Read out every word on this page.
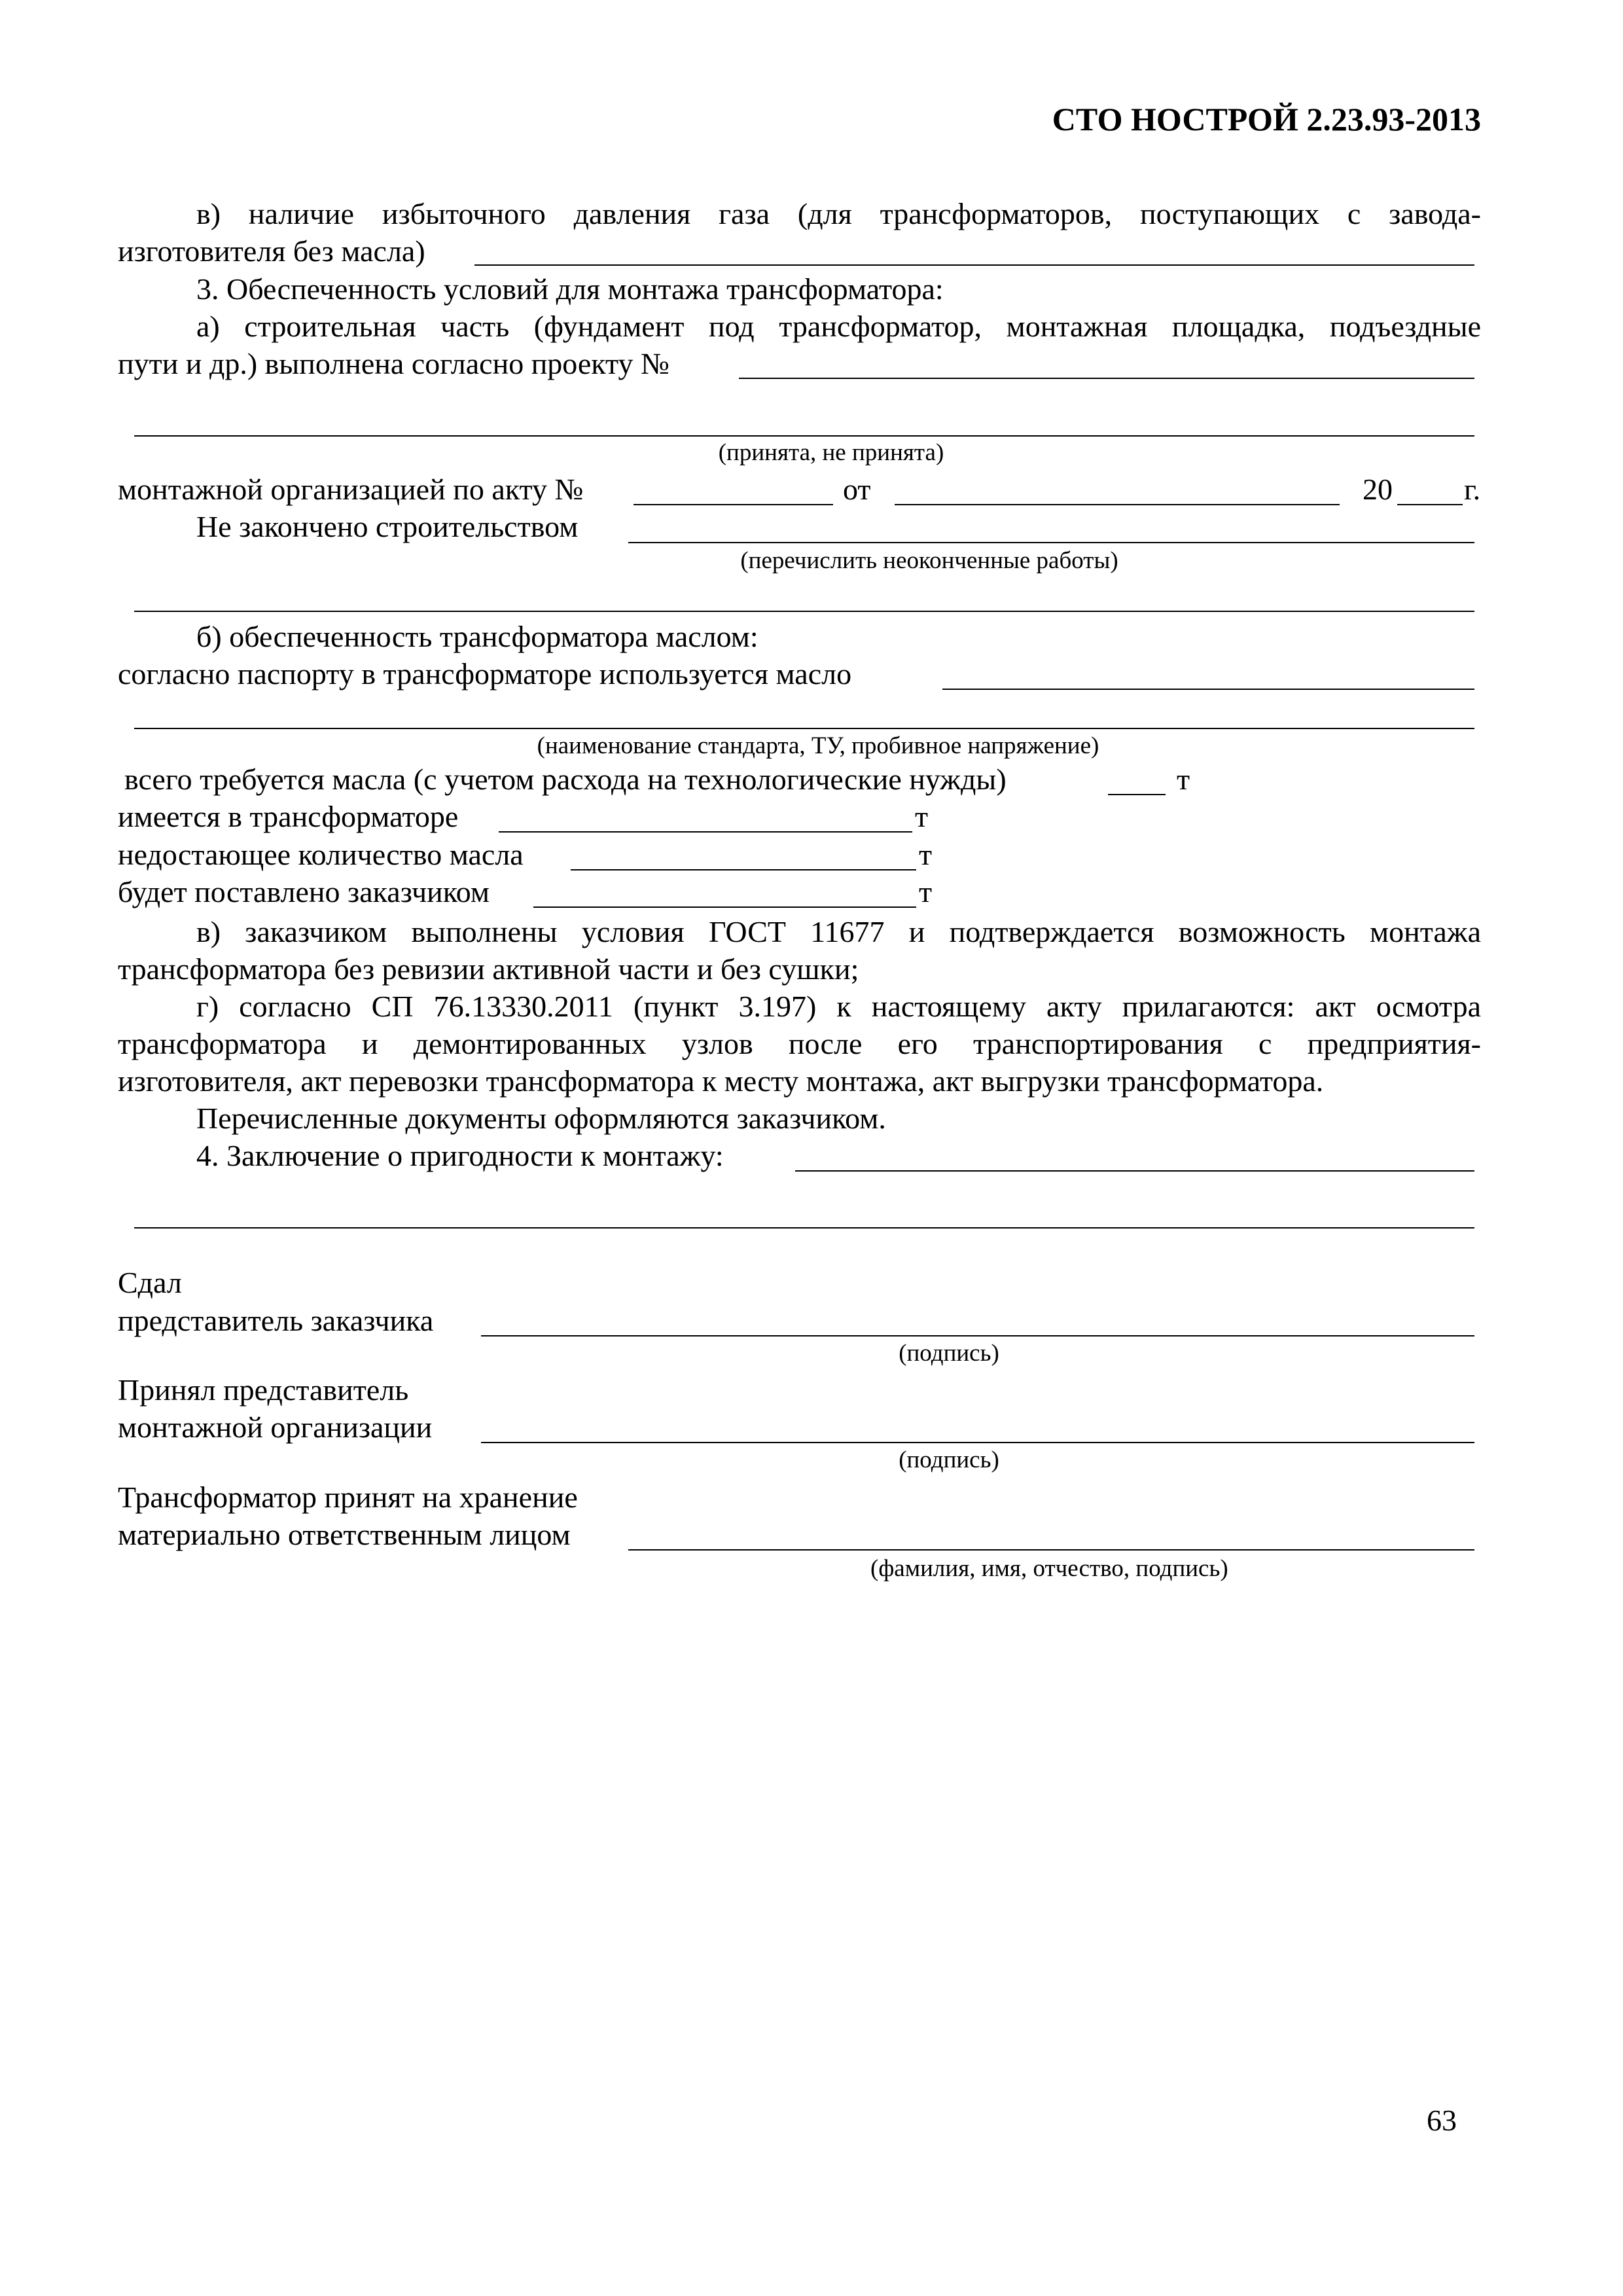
СТО НОСТРОЙ 2.23.93-2013
в) наличие избыточного давления газа (для трансформаторов, поступающих с завода-
изготовителя без масла)
3. Обеспеченность условий для монтажа трансформатора:
а) строительная часть (фундамент под трансформатор, монтажная площадка, подъездные
пути и др.) выполнена согласно проекту №
(принята, не принята)
монтажной организацией по акту №	от	20 г.
Не закончено строительством
(перечислить неоконченные работы)
б) обеспеченность трансформатора маслом:
согласно паспорту в трансформаторе используется масло
(наименование стандарта, ТУ, пробивное напряжение)
всего требуется масла (с учетом расхода на технологические нужды)	т
имеется в трансформаторе	т
недостающее количество масла	т
будет поставлено заказчиком	т
в) заказчиком выполнены условия ГОСТ 11677 и подтверждается возможность монтажа
трансформатора без ревизии активной части и без сушки;
г) согласно СП 76.13330.2011 (пункт 3.197) к настоящему акту прилагаются: акт осмотра
трансформатора и демонтированных узлов после его транспортирования с предприятия-
изготовителя, акт перевозки трансформатора к месту монтажа, акт выгрузки трансформатора.
Перечисленные документы оформляются заказчиком.
4. Заключение о пригодности к монтажу:
Сдал
представитель заказчика
(подпись)
Принял представитель
монтажной организации
(подпись)
Трансформатор принят на хранение
материально ответственным лицом
(фамилия, имя, отчество, подпись)
63
